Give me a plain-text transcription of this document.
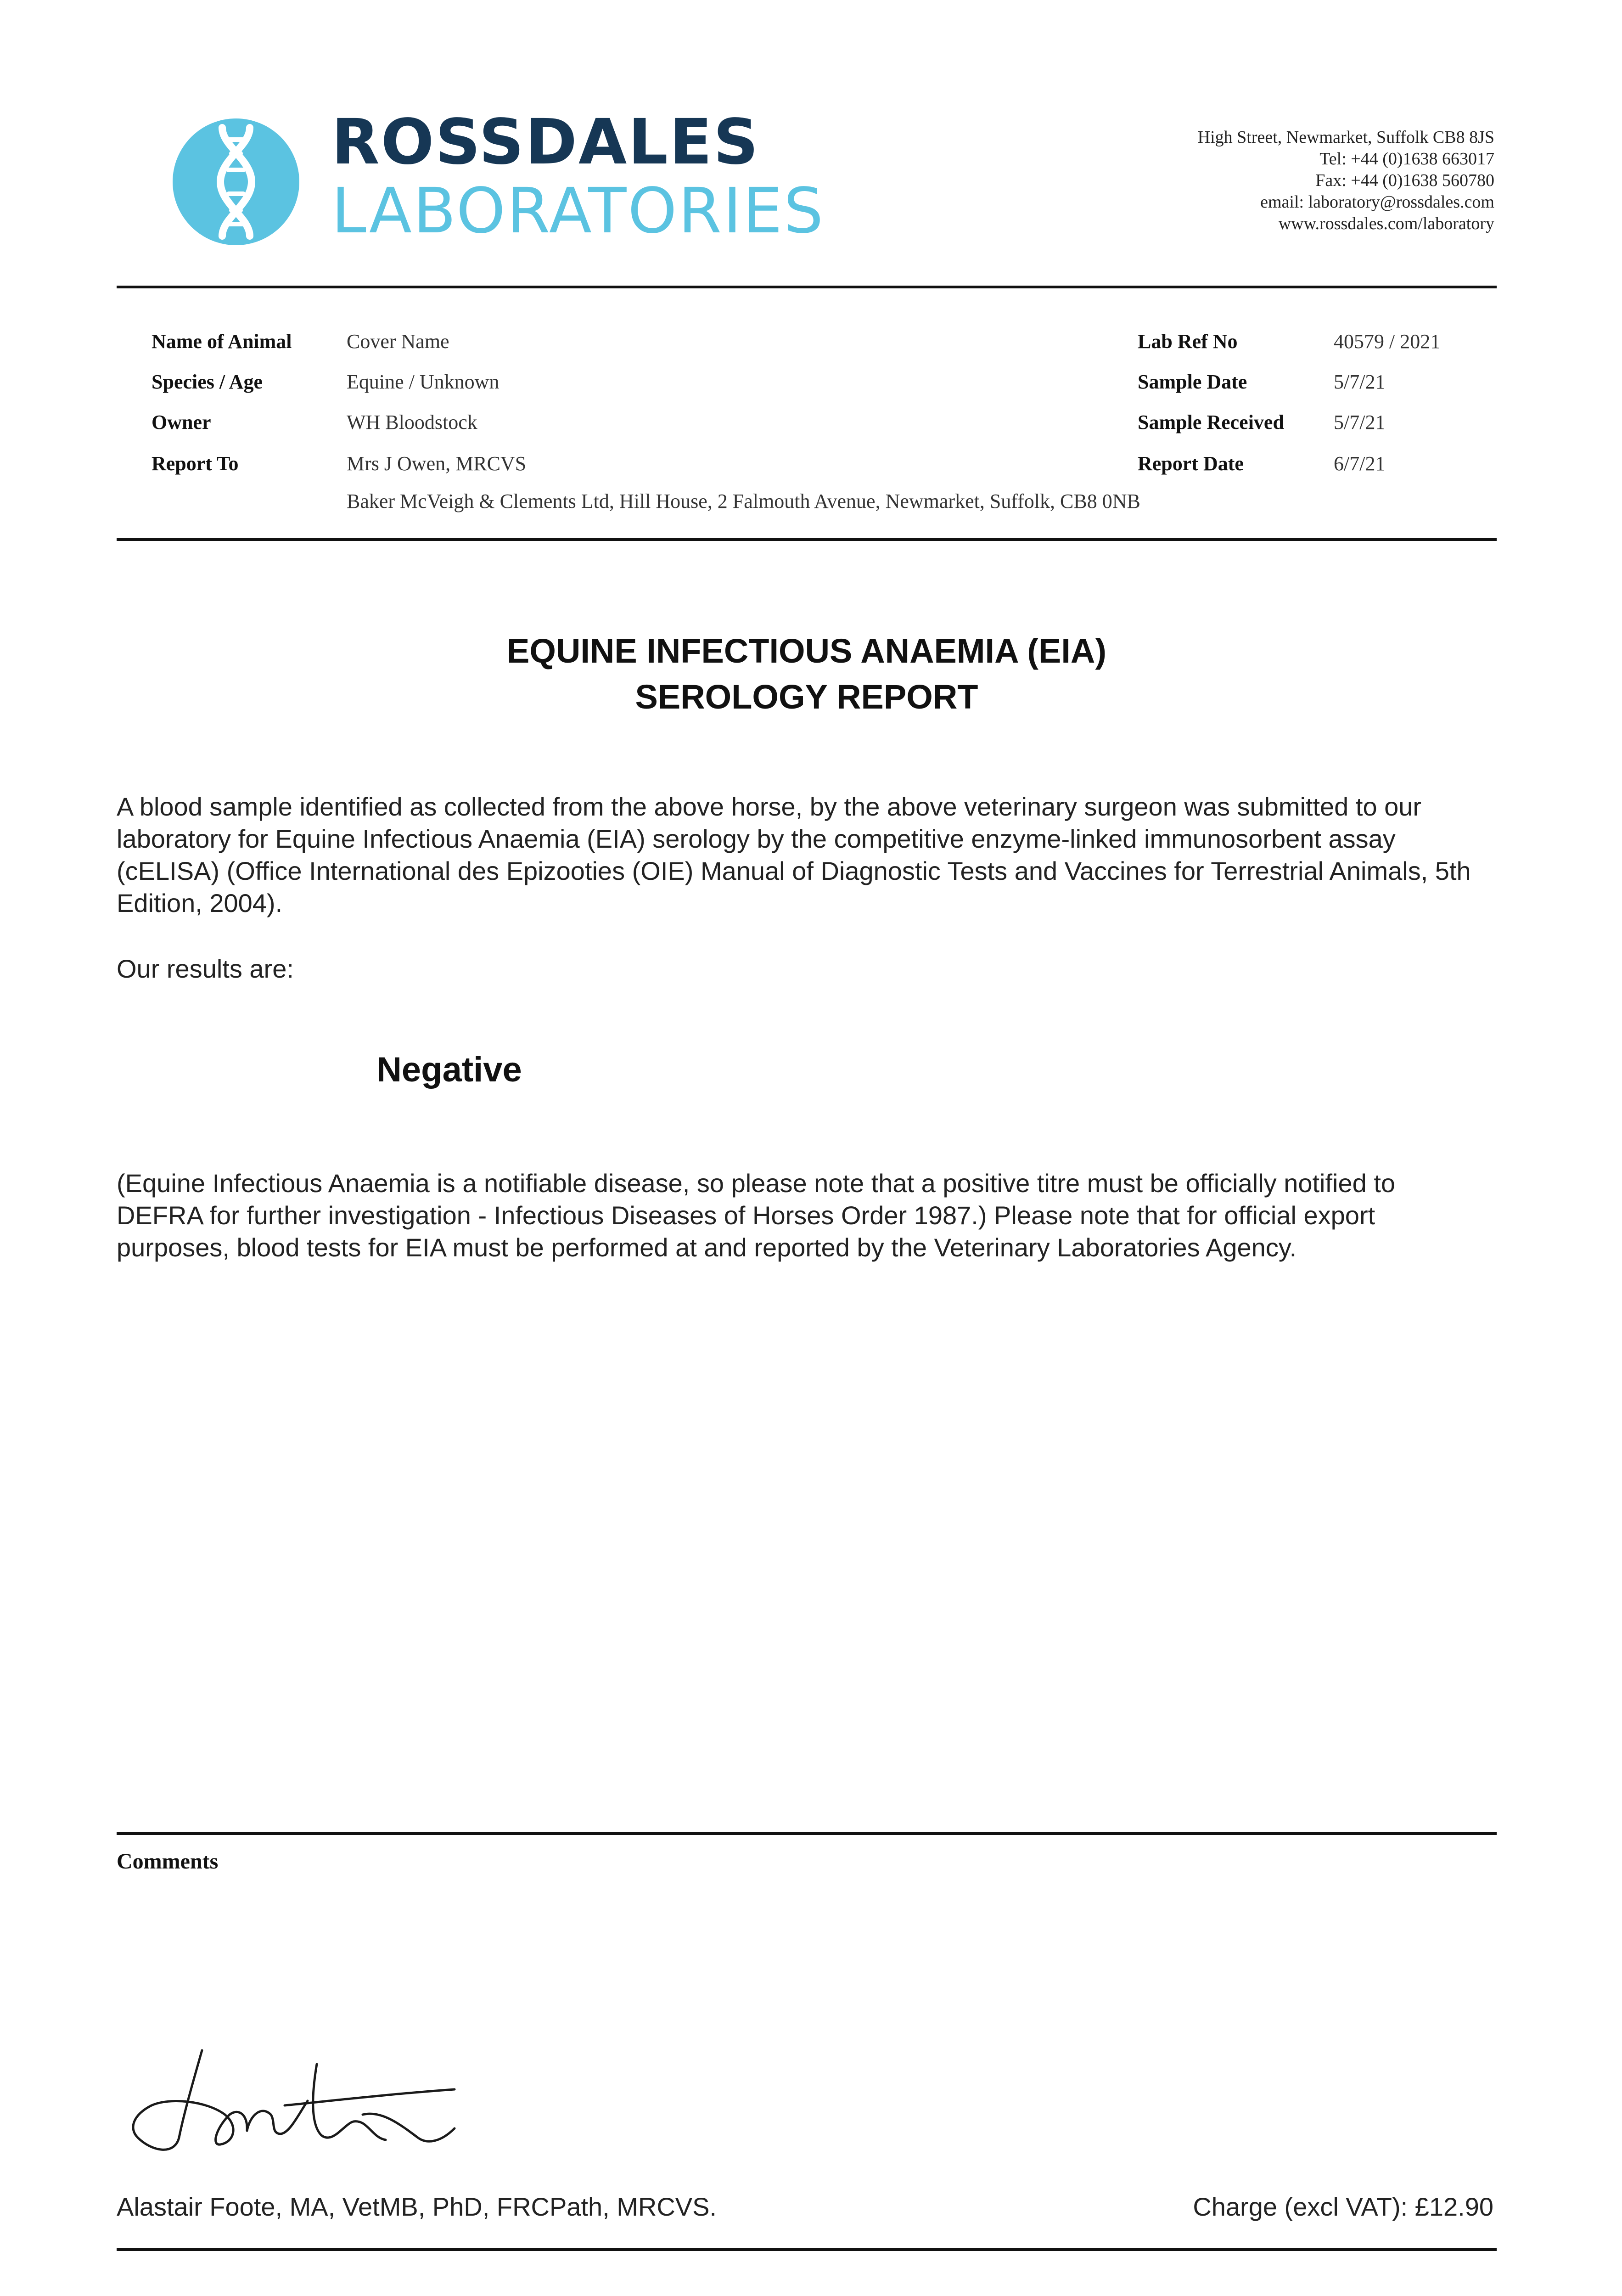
ROSSDALES
LABORATORIES
High Street, Newmarket, Suffolk CB8 8JS
Tel: +44 (0)1638 663017
Fax: +44 (0)1638 560780
email: laboratory@rossdales.com
www.rossdales.com/laboratory
Name of Animal	Cover Name
Species / Age	Equine / Unknown
Owner	WH Bloodstock
Report To	Mrs J Owen, MRCVS
Baker McVeigh & Clements Ltd, Hill House, 2 Falmouth Avenue, Newmarket, Suffolk, CB8 0NB
Lab Ref No	40579 / 2021
Sample Date	5/7/21
Sample Received 5/7/21
Report Date	6/7/21
EQUINE INFECTIOUS ANAEMIA (EIA)
SEROLOGY REPORT
A blood sample identified as collected from the above horse, by the above veterinary surgeon was submitted to our
laboratory for Equine Infectious Anaemia (EIA) serology by the competitive enzyme-linked immunosorbent assay
(cELISA) (Office International des Epizooties (OIE) Manual of Diagnostic Tests and Vaccines for Terrestrial Animals, 5th
Edition, 2004).
Our results are:
Negative
(Equine Infectious Anaemia is a notifiable disease, so please note that a positive titre must be officially notified to
DEFRA for further investigation - Infectious Diseases of Horses Order 1987.) Please note that for official export
purposes, blood tests for EIA must be performed at and reported by the Veterinary Laboratories Agency.
Comments
Alastair Foote, MA, VetMB, PhD, FRCPath, MRCVS.	Charge (excl VAT): £12.90
